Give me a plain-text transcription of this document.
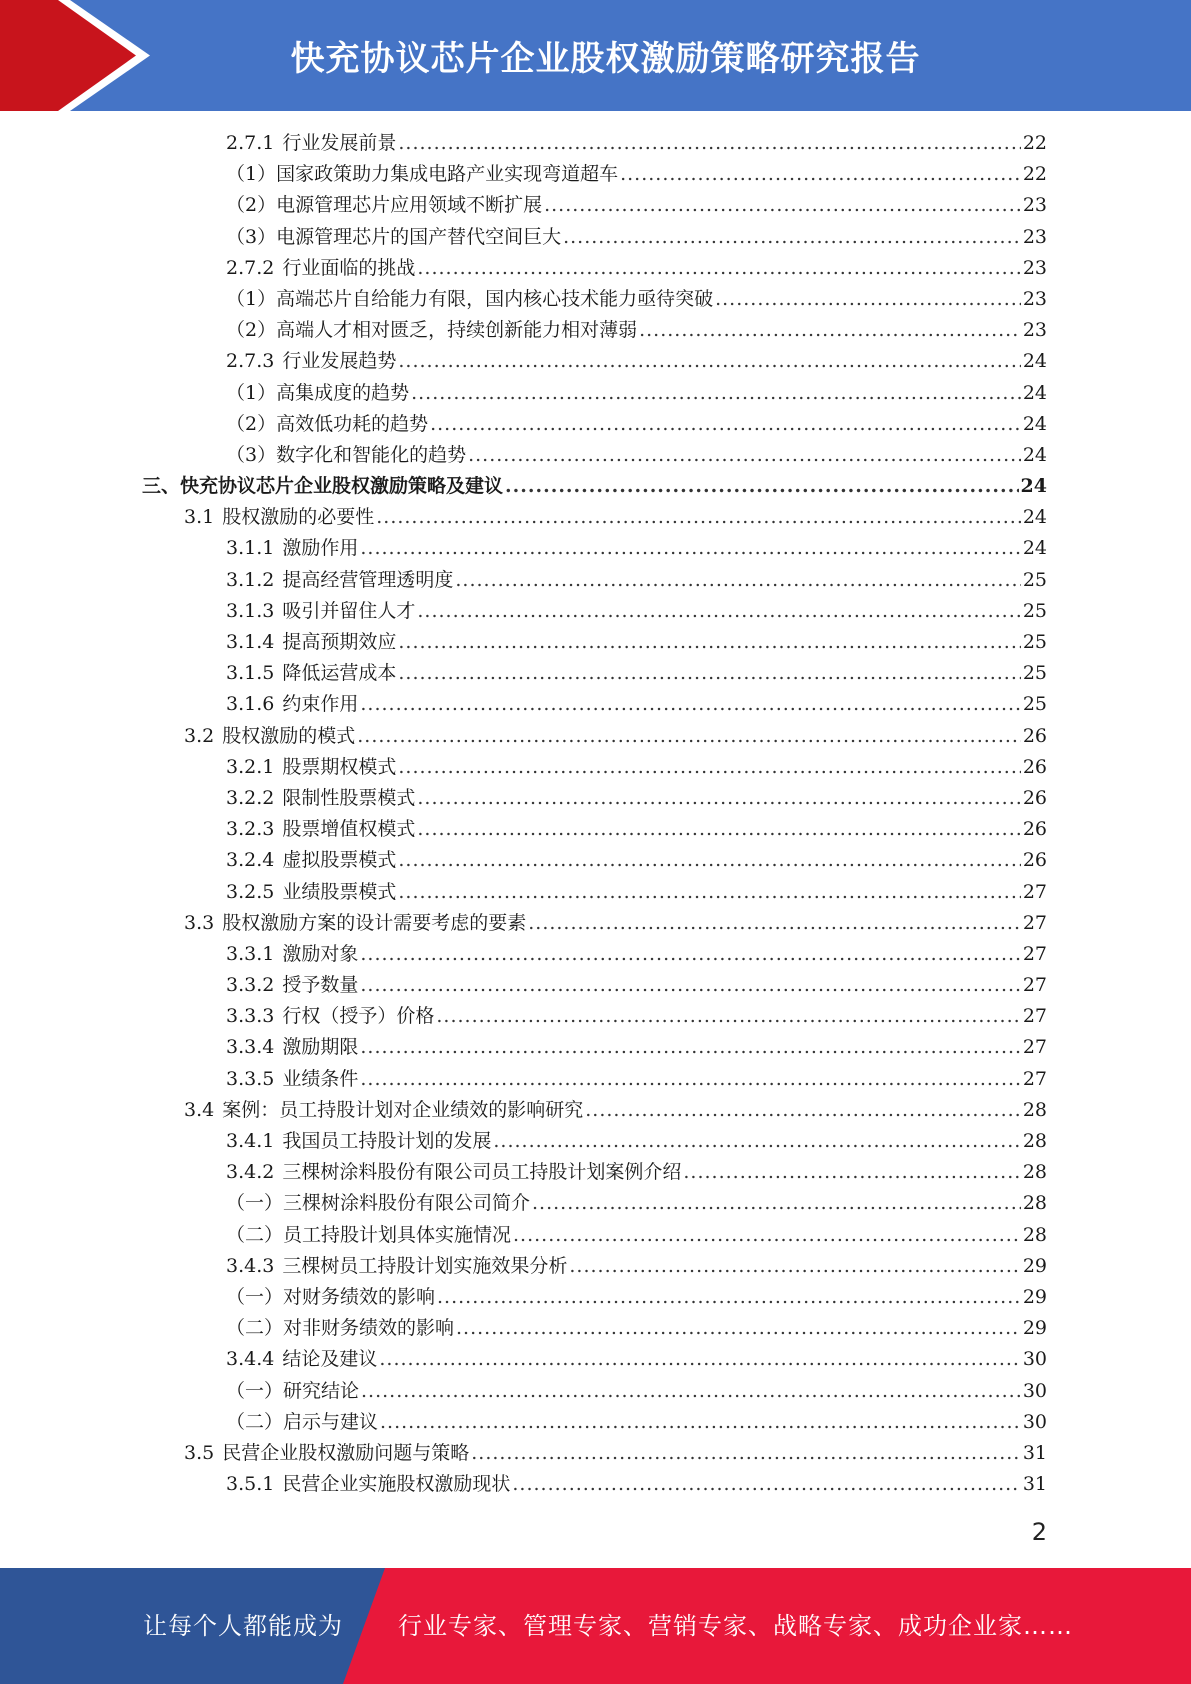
快充协议芯片企业股权激励策略研究报告
2.7.1 行业发展前景 .....	22
（1）国家政策助力集成电路产业实现弯道超车 .....	22
（2）电源管理芯片应用领域不断扩展 .....	23
（3）电源管理芯片的国产替代空间巨大 .....	23
2.7.2 行业面临的挑战 .....	23
（1）高端芯片自给能力有限，国内核心技术能力亟待突破 .....	23
（2）高端人才相对匮乏，持续创新能力相对薄弱 .....	23
2.7.3 行业发展趋势 .....	24
（1）高集成度的趋势 .....	24
（2）高效低功耗的趋势 .....	24
（3）数字化和智能化的趋势 .....	24
三、快充协议芯片企业股权激励策略及建议 .....	24
3.1 股权激励的必要性 .....	24
3.1.1 激励作用 .....	24
3.1.2 提高经营管理透明度 .....	25
3.1.3 吸引并留住人才 .....	25
3.1.4 提高预期效应 .....	25
3.1.5 降低运营成本 .....	25
3.1.6 约束作用 .....	25
3.2 股权激励的模式 .....	26
3.2.1 股票期权模式 .....	26
3.2.2 限制性股票模式 .....	26
3.2.3 股票增值权模式 .....	26
3.2.4 虚拟股票模式 .....	26
3.2.5 业绩股票模式 .....	27
3.3 股权激励方案的设计需要考虑的要素 .....	27
3.3.1 激励对象 .....	27
3.3.2 授予数量 .....	27
3.3.3 行权（授予）价格 .....	27
3.3.4 激励期限 .....	27
3.3.5 业绩条件 .....	27
3.4 案例：员工持股计划对企业绩效的影响研究 .....	28
3.4.1 我国员工持股计划的发展 .....	28
3.4.2 三棵树涂料股份有限公司员工持股计划案例介绍 .....	28
（一）三棵树涂料股份有限公司简介 .....	28
（二）员工持股计划具体实施情况 .....	28
3.4.3 三棵树员工持股计划实施效果分析 .....	29
（一）对财务绩效的影响 .....	29
（二）对非财务绩效的影响 .....	29
3.4.4 结论及建议 .....	30
（一）研究结论 .....	30
（二）启示与建议 .....	30
3.5 民营企业股权激励问题与策略 .....	31
3.5.1 民营企业实施股权激励现状 .....	31
2
让每个人都能成为 行业专家、管理专家、营销专家、战略专家、成功企业家……
